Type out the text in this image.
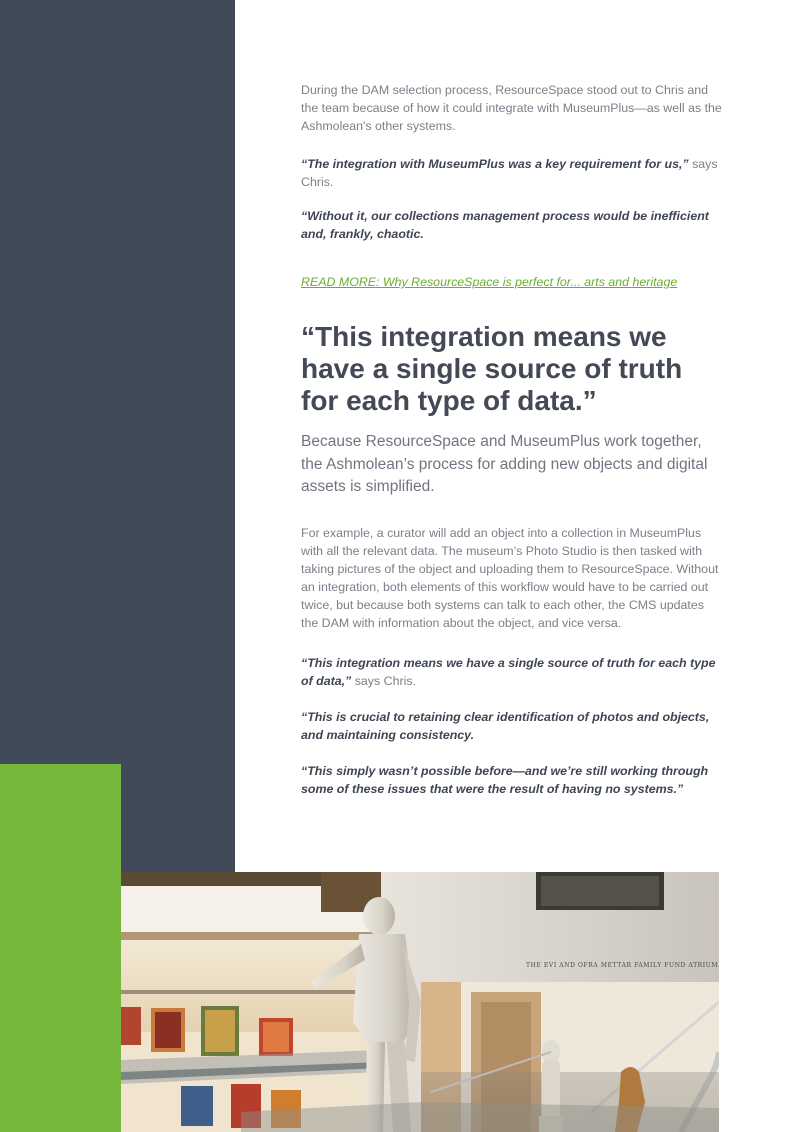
During the DAM selection process, ResourceSpace stood out to Chris and the team because of how it could integrate with MuseumPlus—as well as the Ashmolean's other systems.

“The integration with MuseumPlus was a key requirement for us,” says Chris.

“Without it, our collections management process would be inefficient and, frankly, chaotic.

READ MORE: Why ResourceSpace is perfect for... arts and heritage
“This integration means we have a single source of truth for each type of data.”

Because ResourceSpace and MuseumPlus work together, the Ashmolean’s process for adding new objects and digital assets is simplified.

For example, a curator will add an object into a collection in MuseumPlus with all the relevant data. The museum’s Photo Studio is then tasked with taking pictures of the object and uploading them to ResourceSpace. Without an integration, both elements of this workflow would have to be carried out twice, but because both systems can talk to each other, the CMS updates the DAM with information about the object, and vice versa.

“This integration means we have a single source of truth for each type of data,” says Chris.

“This is crucial to retaining clear identification of photos and objects, and maintaining consistency.

“This simply wasn’t possible before—and we’re still working through some of these issues that were the result of having no systems.”

THE EVI AND OFRA METTAR FAMILY FUND ATRIUM
